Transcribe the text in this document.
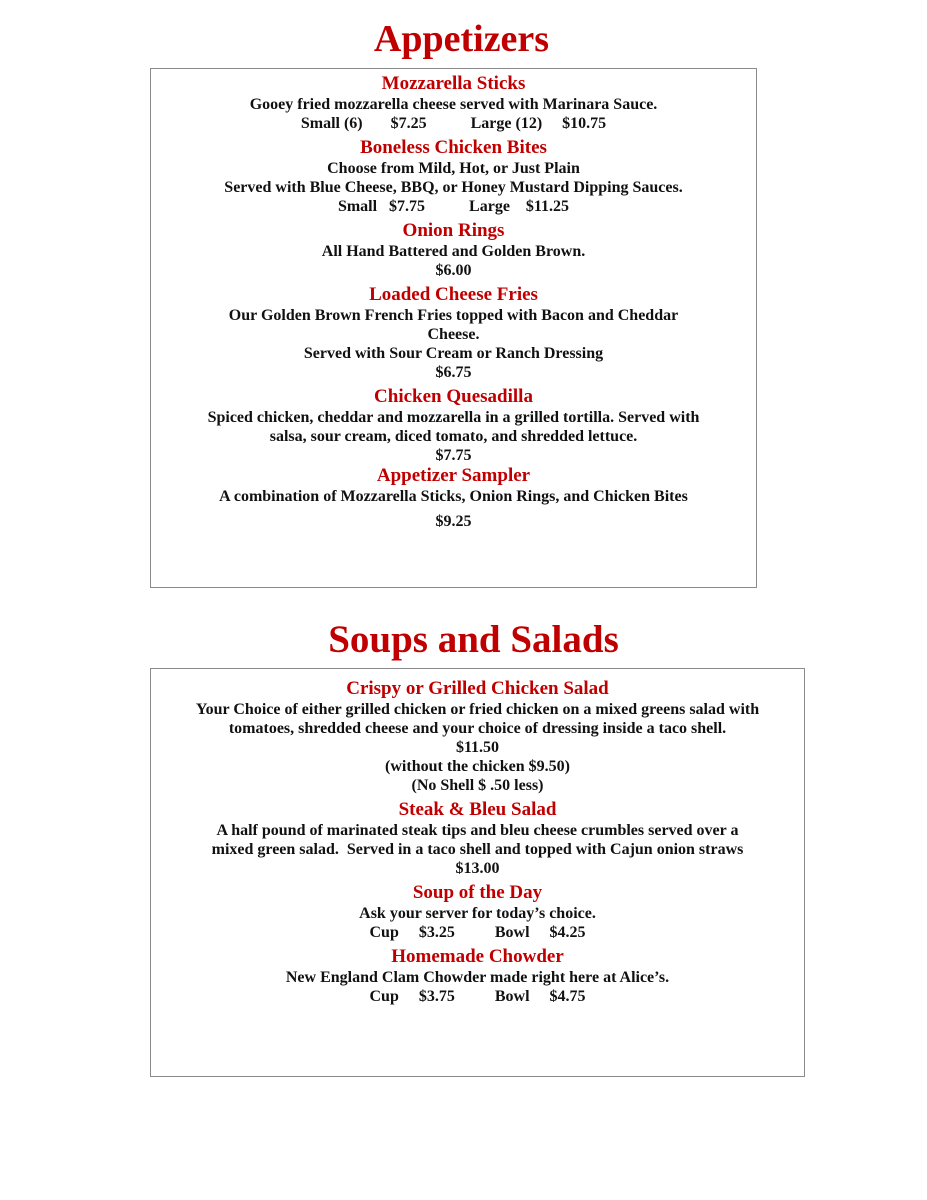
Appetizers

Mozzarella Sticks

Gooey fried mozzarella cheese served with Marinara Sauce.

Small (6)       $7.25           Large (12)     $10.75

Boneless Chicken Bites

Choose from Mild, Hot, or Just Plain

Served with Blue Cheese, BBQ, or Honey Mustard Dipping Sauces.

Small   $7.75           Large    $11.25

Onion Rings

All Hand Battered and Golden Brown.

$6.00

Loaded Cheese Fries

Our Golden Brown French Fries topped with Bacon and Cheddar

Cheese.

Served with Sour Cream or Ranch Dressing

$6.75

Chicken Quesadilla

Spiced chicken, cheddar and mozzarella in a grilled tortilla. Served with

salsa, sour cream, diced tomato, and shredded lettuce.

$7.75

Appetizer Sampler

A combination of Mozzarella Sticks, Onion Rings, and Chicken Bites

$9.25

Soups and Salads

Crispy or Grilled Chicken Salad

Your Choice of either grilled chicken or fried chicken on a mixed greens salad with

tomatoes, shredded cheese and your choice of dressing inside a taco shell.

$11.50

(without the chicken $9.50)

(No Shell $ .50 less)

Steak & Bleu Salad

A half pound of marinated steak tips and bleu cheese crumbles served over a

mixed green salad.  Served in a taco shell and topped with Cajun onion straws

$13.00

Soup of the Day

Ask your server for today’s choice.

Cup     $3.25          Bowl     $4.25

Homemade Chowder

New England Clam Chowder made right here at Alice’s.

Cup     $3.75          Bowl     $4.75
